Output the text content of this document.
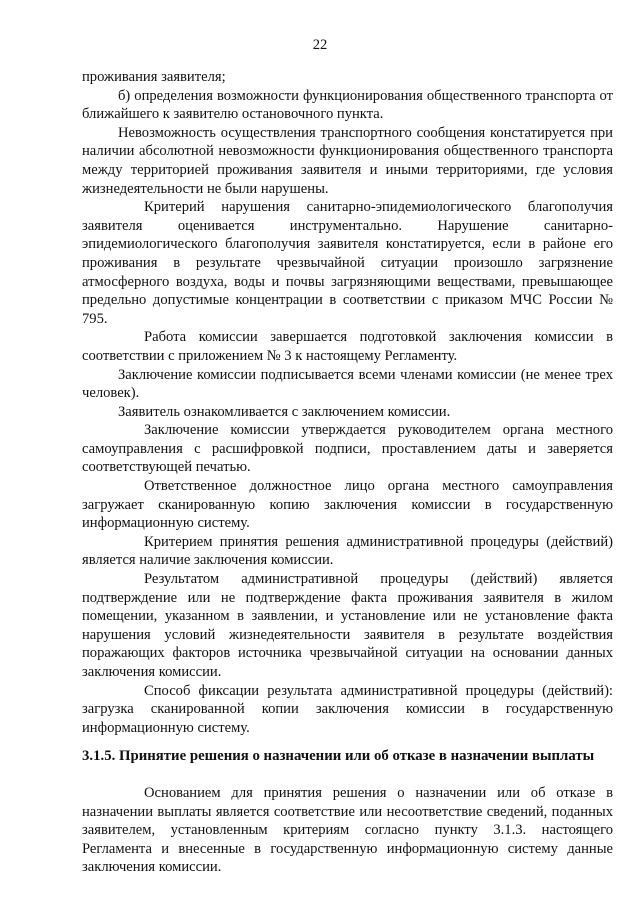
22

проживания заявителя;

б) определения возможности функционирования общественного транспорта от ближайшего к заявителю остановочного пункта.

Невозможность осуществления транспортного сообщения констатируется при наличии абсолютной невозможности функционирования общественного транспорта между территорией проживания заявителя и иными территориями, где условия жизнедеятельности не были нарушены.

Критерий нарушения санитарно-эпидемиологического благополучия заявителя оценивается инструментально. Нарушение санитарно-эпидемиологического благополучия заявителя констатируется, если в районе его проживания в результате чрезвычайной ситуации произошло загрязнение атмосферного воздуха, воды и почвы загрязняющими веществами, превышающее предельно допустимые концентрации в соответствии с приказом МЧС России № 795.

Работа комиссии завершается подготовкой заключения комиссии в соответствии с приложением № 3 к настоящему Регламенту.

Заключение комиссии подписывается всеми членами комиссии (не менее трех человек).

Заявитель ознакомливается с заключением комиссии.

Заключение комиссии утверждается руководителем органа местного самоуправления с расшифровкой подписи, проставлением даты и заверяется соответствующей печатью.

Ответственное должностное лицо органа местного самоуправления загружает сканированную копию заключения комиссии в государственную информационную систему.

Критерием принятия решения административной процедуры (действий) является наличие заключения комиссии.

Результатом административной процедуры (действий) является подтверждение или не подтверждение факта проживания заявителя в жилом помещении, указанном в заявлении, и установление или не установление факта нарушения условий жизнедеятельности заявителя в результате воздействия поражающих факторов источника чрезвычайной ситуации на основании данных заключения комиссии.

Способ фиксации результата административной процедуры (действий): загрузка сканированной копии заключения комиссии в государственную информационную систему.

3.1.5. Принятие решения о назначении или об отказе в назначении выплаты

Основанием для принятия решения о назначении или об отказе в назначении выплаты является соответствие или несоответствие сведений, поданных заявителем, установленным критериям согласно пункту 3.1.3. настоящего Регламента и внесенные в государственную информационную систему данные заключения комиссии.
